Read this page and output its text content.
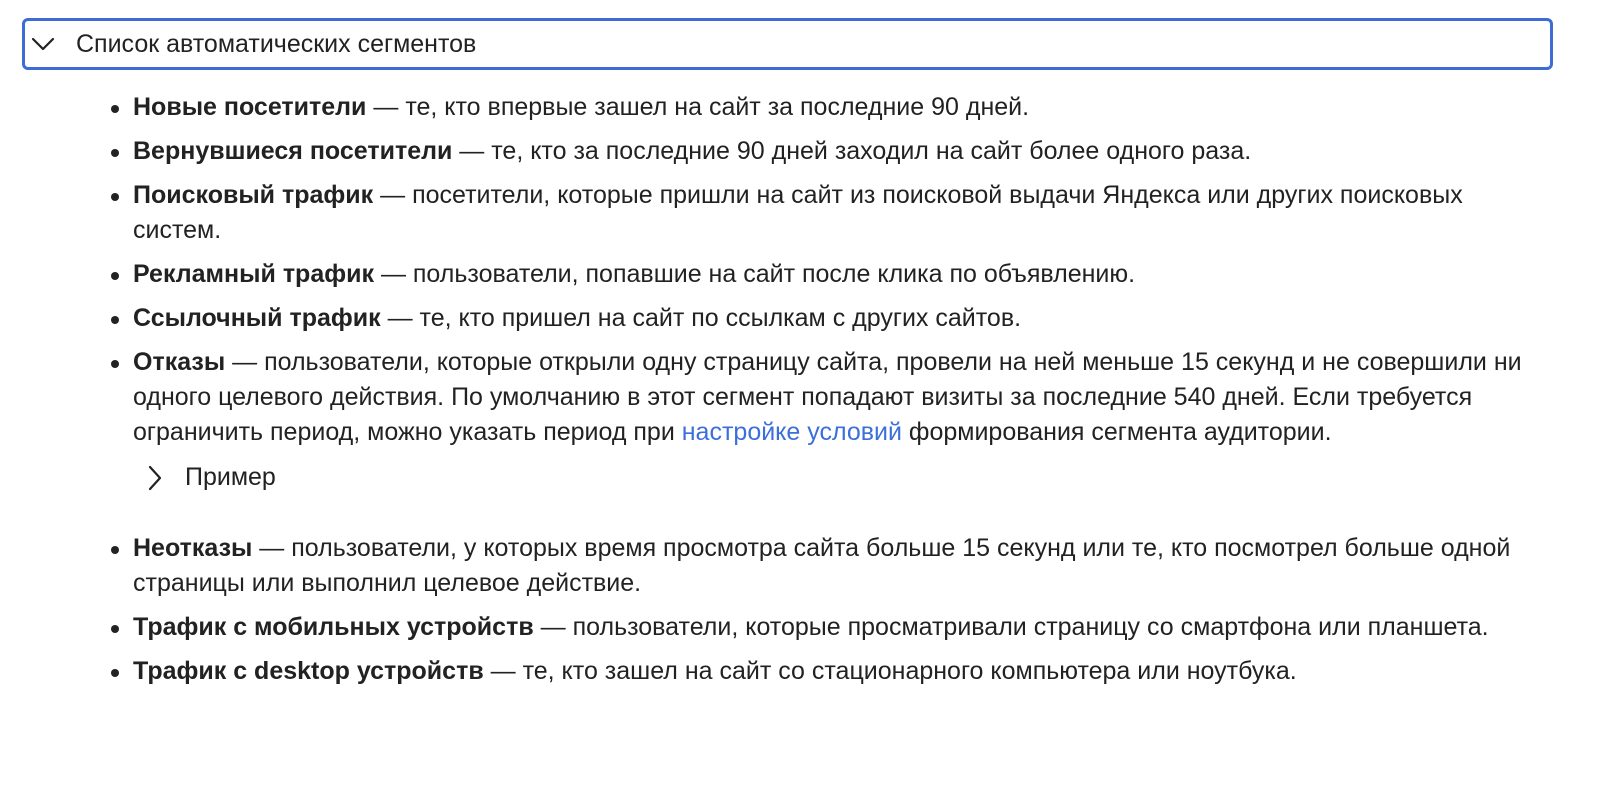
Список автоматических сегментов
Новые посетители — те, кто впервые зашел на сайт за последние 90 дней.
Вернувшиеся посетители — те, кто за последние 90 дней заходил на сайт более одного раза.
Поисковый трафик — посетители, которые пришли на сайт из поисковой выдачи Яндекса или других поисковых систем.
Рекламный трафик — пользователи, попавшие на сайт после клика по объявлению.
Ссылочный трафик — те, кто пришел на сайт по ссылкам с других сайтов.
Отказы — пользователи, которые открыли одну страницу сайта, провели на ней меньше 15 секунд и не совершили ни одного целевого действия. По умолчанию в этот сегмент попадают визиты за последние 540 дней. Если требуется ограничить период, можно указать период при настройке условий формирования сегмента аудитории.
Пример
Неотказы — пользователи, у которых время просмотра сайта больше 15 секунд или те, кто посмотрел больше одной страницы или выполнил целевое действие.
Трафик с мобильных устройств — пользователи, которые просматривали страницу со смартфона или планшета.
Трафик с desktop устройств — те, кто зашел на сайт со стационарного компьютера или ноутбука.
